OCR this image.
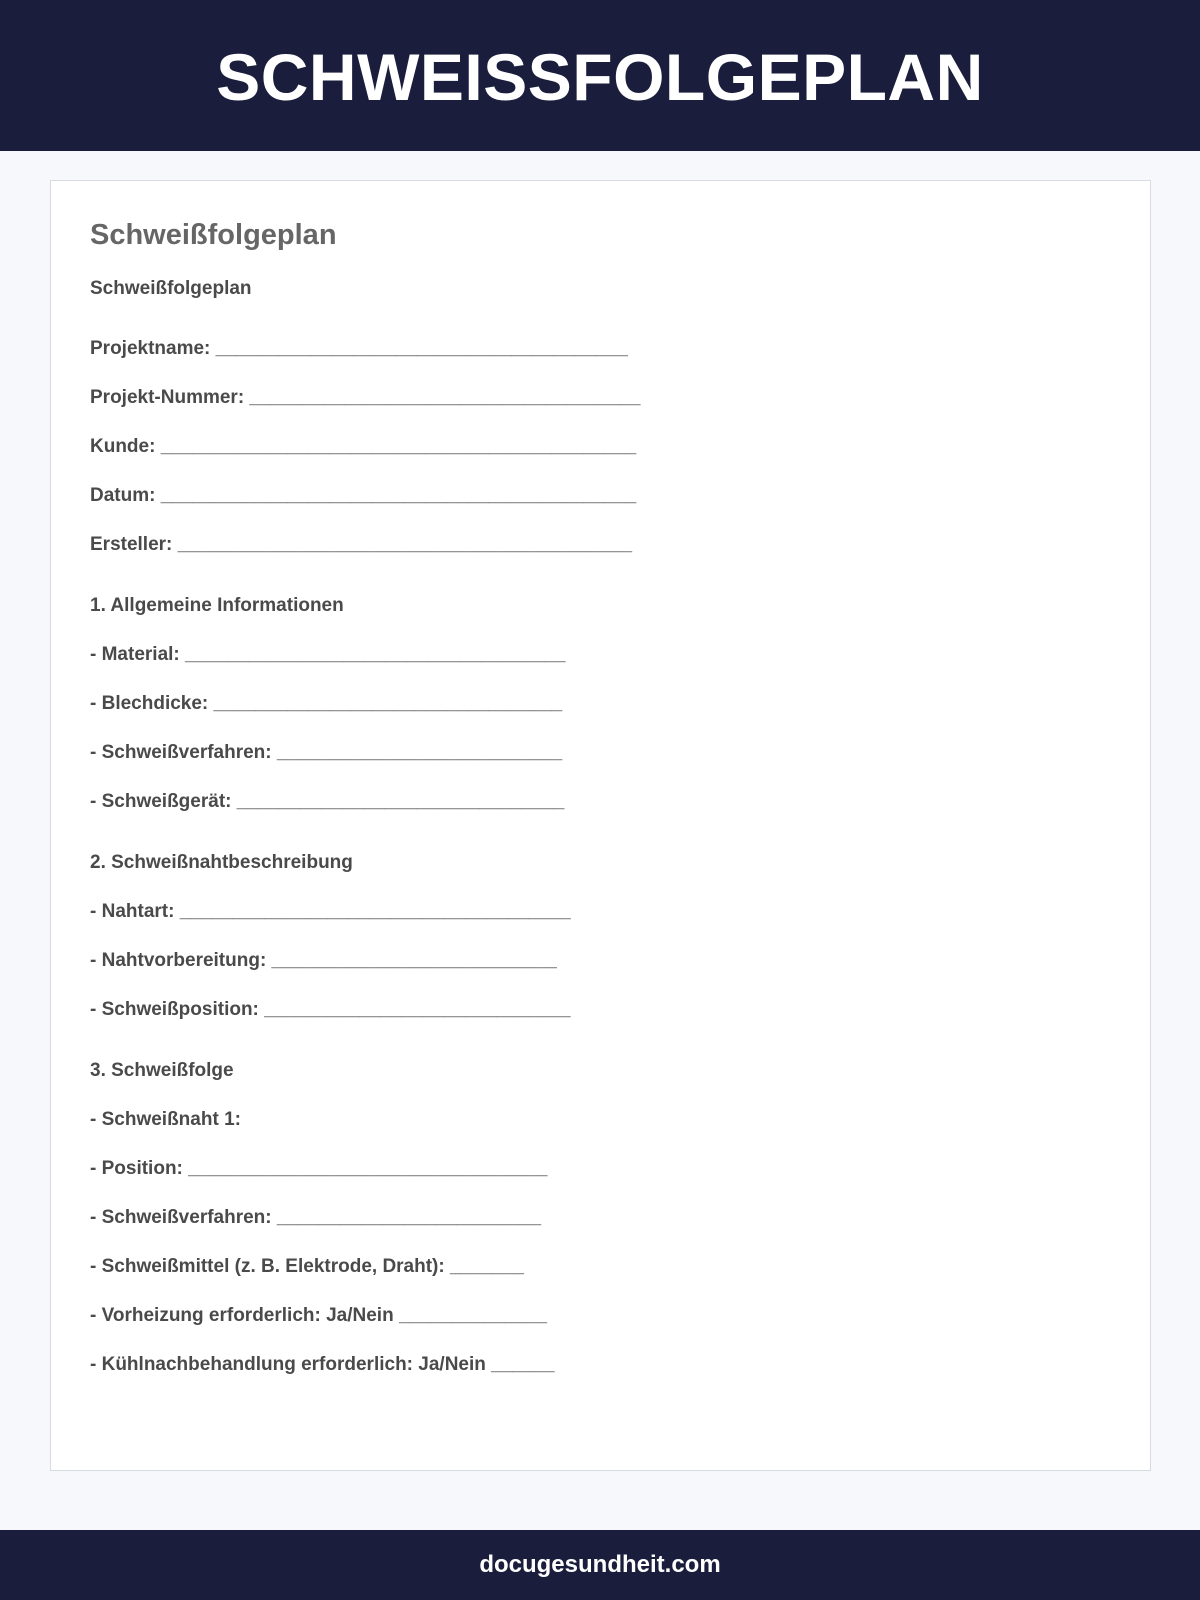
SCHWEISSFOLGEPLAN
Schweißfolgeplan
Schweißfolgeplan
Projektname: _______________________________________
Projekt-Nummer: _____________________________________
Kunde: _____________________________________________
Datum: _____________________________________________
Ersteller: ___________________________________________
1. Allgemeine Informationen
- Material: ____________________________________
- Blechdicke: _________________________________
- Schweißverfahren: ___________________________
- Schweißgerät: _______________________________
2. Schweißnahtbeschreibung
- Nahtart: _____________________________________
- Nahtvorbereitung: ___________________________
- Schweißposition: _____________________________
3. Schweißfolge
- Schweißnaht 1:
- Position: __________________________________
- Schweißverfahren: _________________________
- Schweißmittel (z. B. Elektrode, Draht): _______
- Vorheizung erforderlich: Ja/Nein ______________
- Kühlnachbehandlung erforderlich: Ja/Nein ______
docugesundheit.com
